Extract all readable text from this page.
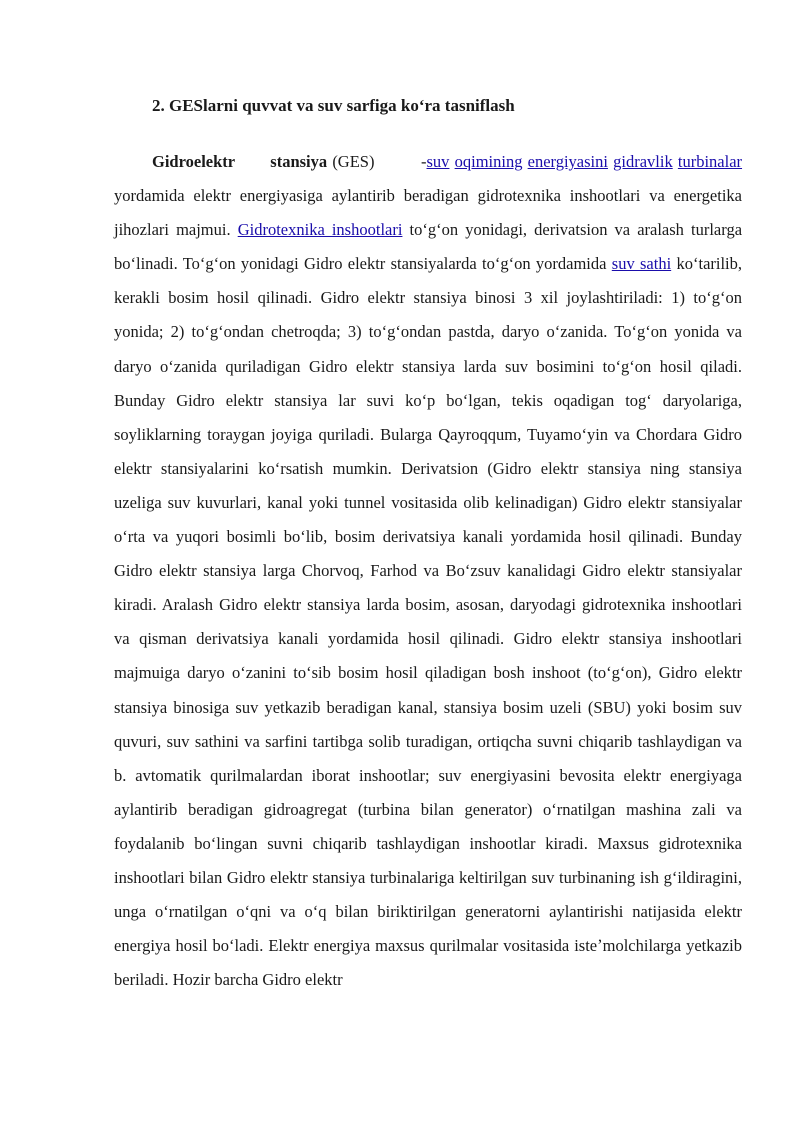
2. GESlarni quvvat va suv sarfiga koʻra tasniflash

Gidroelektr stansiya (GES)	-suv oqimining energiyasini gidravlik turbinalar yordamida elektr energiyasiga aylantirib beradigan gidrotexnika inshootlari va energetika jihozlari majmui. Gidrotexnika inshootlari toʻgʻon yonidagi, derivatsion va aralash turlarga boʻlinadi. Toʻgʻon yonidagi Gidro elektr stansiyalarda toʻgʻon yordamida suv sathi koʻtarilib, kerakli bosim hosil qilinadi. Gidro elektr stansiya binosi 3 xil joylashtiriladi: 1) toʻgʻon yonida; 2) toʻgʻondan chetroqda; 3) toʻgʻondan pastda, daryo oʻzanida. Toʻgʻon yonida va daryo oʻzanida quriladigan Gidro elektr stansiya larda suv bosimini toʻgʻon hosil qiladi. Bunday Gidro elektr stansiya lar suvi koʻp boʻlgan, tekis oqadigan togʻ daryolariga, soyliklarning toraygan joyiga quriladi. Bularga Qayroqqum, Tuyamoʻyin va Chordara Gidro elektr stansiyalarini koʻrsatish mumkin. Derivatsion (Gidro elektr stansiya ning stansiya uzeliga suv kuvurlari, kanal yoki tunnel vositasida olib kelinadigan) Gidro elektr stansiyalar oʻrta va yuqori bosimli boʻlib, bosim derivatsiya kanali yordamida hosil qilinadi. Bunday Gidro elektr stansiya larga Chorvoq, Farhod va Boʻzsuv kanalidagi Gidro elektr stansiyalar kiradi. Aralash Gidro elektr stansiya larda bosim, asosan, daryodagi gidrotexnika inshootlari va qisman derivatsiya kanali yordamida hosil qilinadi. Gidro elektr stansiya inshootlari majmuiga daryo oʻzanini toʻsib bosim hosil qiladigan bosh inshoot (toʻgʻon), Gidro elektr stansiya binosiga suv yetkazib beradigan kanal, stansiya bosim uzeli (SBU) yoki bosim suv quvuri, suv sathini va sarfini tartibga solib turadigan, ortiqcha suvni chiqarib tashlaydigan va b. avtomatik qurilmalardan iborat inshootlar; suv energiyasini bevosita elektr energiyaga aylantirib beradigan gidroagregat (turbina bilan generator) oʻrnatilgan mashina zali va foydalanib boʻlingan suvni chiqarib tashlaydigan inshootlar kiradi. Maxsus gidrotexnika inshootlari bilan Gidro elektr stansiya turbinalariga keltirilgan suv turbinaning ish gʻildiragini, unga oʻrnatilgan oʻqni va oʻq bilan biriktirilgan generatorni aylantirishi natijasida elektr energiya hosil boʻladi. Elektr energiya maxsus qurilmalar vositasida isteʼmolchilarga yetkazib beriladi. Hozir barcha Gidro elektr
